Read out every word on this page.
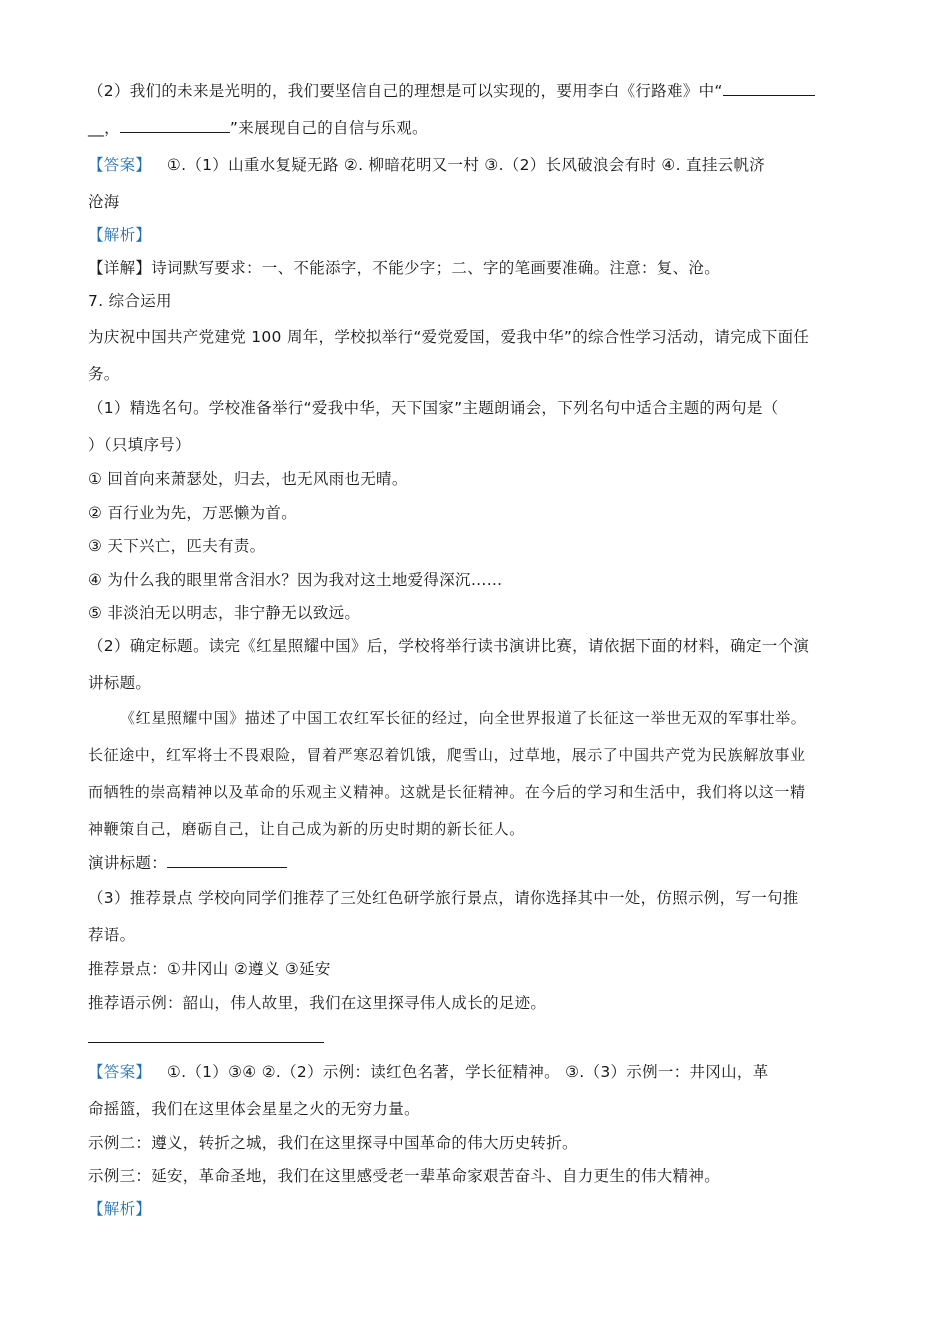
（2）我们的未来是光明的，我们要坚信自己的理想是可以实现的，要用李白《行路难》中“
__，	”来展现自己的自信与乐观。
【答案】 ①.（1）山重水复疑无路 ②. 柳暗花明又一村 ③.（2）长风破浪会有时 ④. 直挂云帆济
沧海
【解析】
【详解】诗词默写要求：一、不能添字，不能少字；二、字的笔画要准确。注意：复、沧。
7. 综合运用
为庆祝中国共产党建党 100 周年，学校拟举行“爱党爱国，爱我中华”的综合性学习活动，请完成下面任
务。
（1）精选名句。学校准备举行“爱我中华，天下国家”主题朗诵会，下列名句中适合主题的两句是（
）（只填序号）
① 回首向来萧瑟处，归去，也无风雨也无晴。
② 百行业为先，万恶懒为首。
③ 天下兴亡，匹夫有责。
④ 为什么我的眼里常含泪水？因为我对这土地爱得深沉……
⑤ 非淡泊无以明志，非宁静无以致远。
（2）确定标题。读完《红星照耀中国》后，学校将举行读书演讲比赛，请依据下面的材料，确定一个演
讲标题。
《红星照耀中国》描述了中国工农红军长征的经过，向全世界报道了长征这一举世无双的军事壮举。
长征途中，红军将士不畏艰险，冒着严寒忍着饥饿，爬雪山，过草地，展示了中国共产党为民族解放事业
而牺牲的崇高精神以及革命的乐观主义精神。这就是长征精神。在今后的学习和生活中，我们将以这一精
神鞭策自己，磨砺自己，让自己成为新的历史时期的新长征人。
演讲标题：
（3）推荐景点 学校向同学们推荐了三处红色研学旅行景点，请你选择其中一处，仿照示例，写一句推
荐语。
推荐景点：①井冈山 ②遵义 ③延安
推荐语示例：韶山，伟人故里，我们在这里探寻伟人成长的足迹。
【答案】 ①.（1）③④ ②.（2）示例：读红色名著，学长征精神。 ③.（3）示例一：井冈山，革
命摇篮，我们在这里体会星星之火的无穷力量。
示例二：遵义，转折之城，我们在这里探寻中国革命的伟大历史转折。
示例三：延安，革命圣地，我们在这里感受老一辈革命家艰苦奋斗、自力更生的伟大精神。
【解析】
